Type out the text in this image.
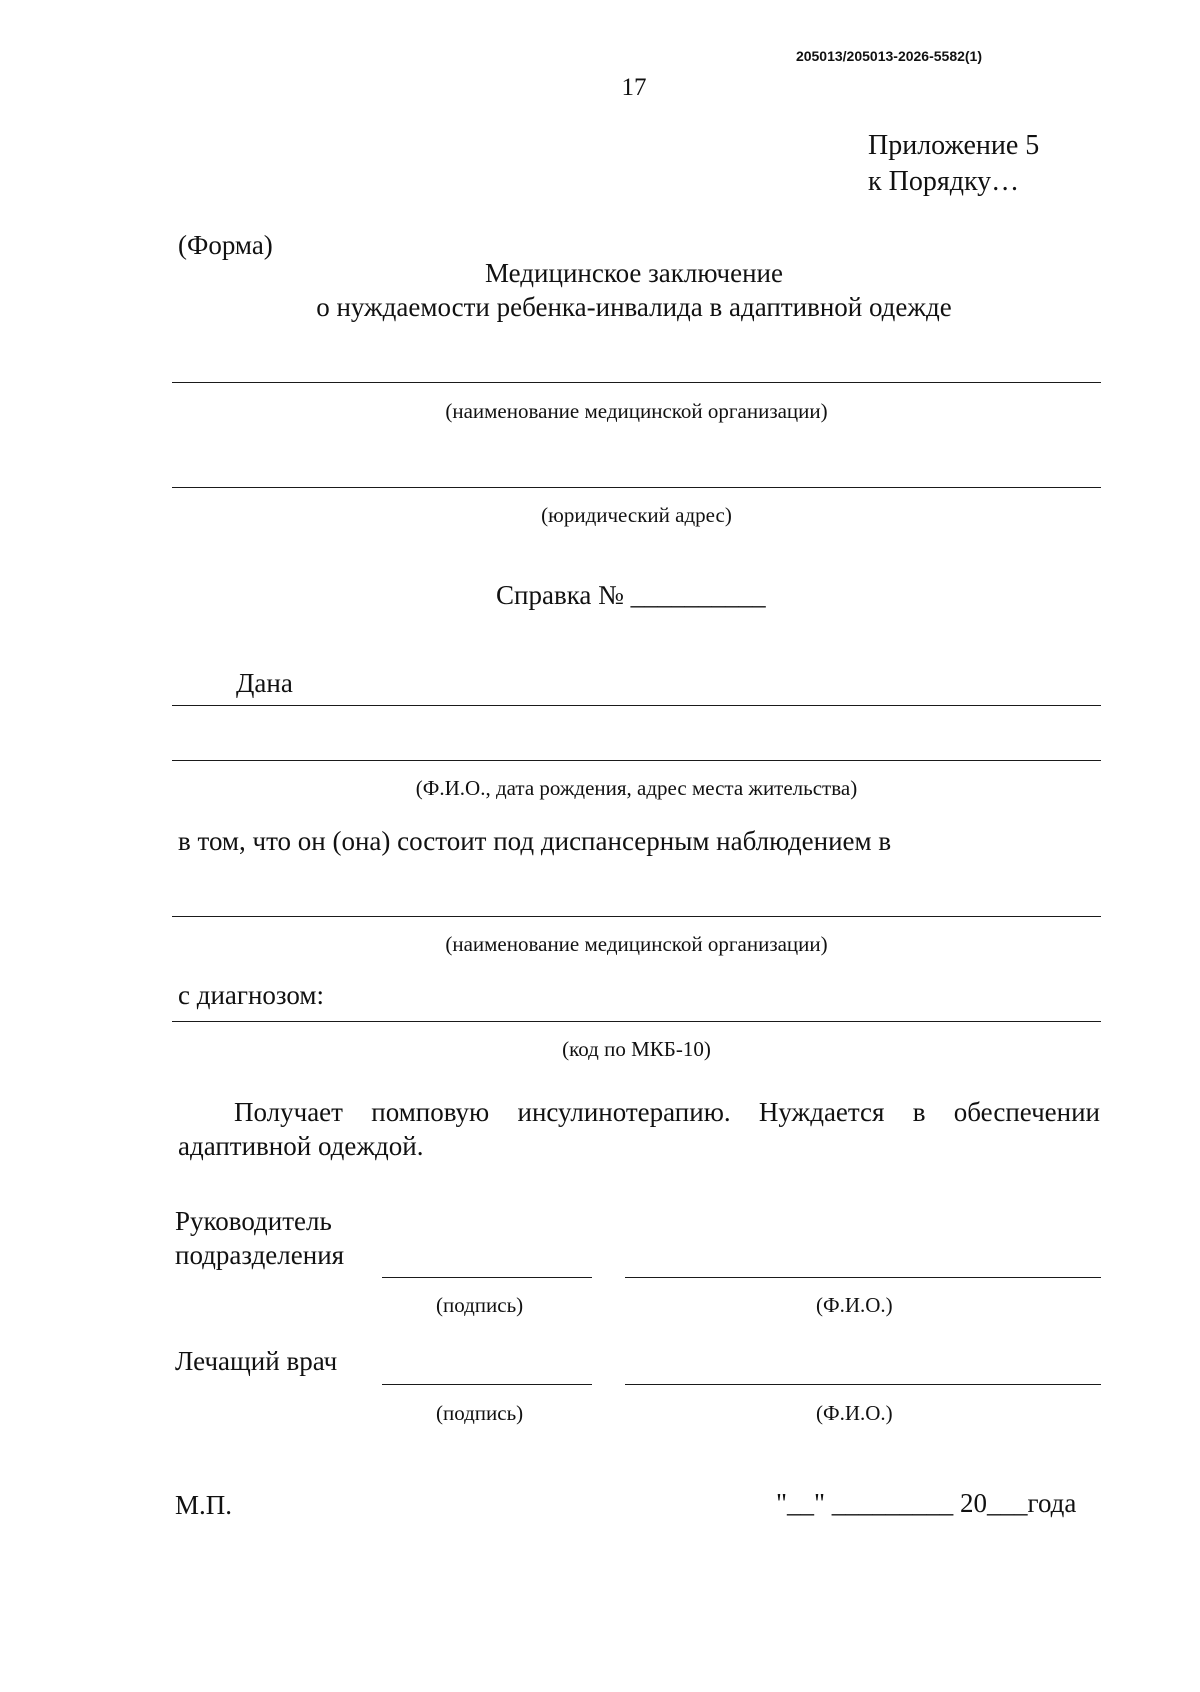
205013/205013-2026-5582(1)
17
Приложение 5
к Порядку…
(Форма)
Медицинское заключение
о нуждаемости ребенка-инвалида в адаптивной одежде
(наименование медицинской организации)
(юридический адрес)
Справка № __________
Дана
(Ф.И.О., дата рождения, адрес места жительства)
в том, что он (она) состоит под диспансерным наблюдением в
(наименование медицинской организации)
с диагнозом:
(код по МКБ-10)
Получает помповую инсулинотерапию. Нуждается в обеспечении адаптивной одеждой.
Руководитель
подразделения
(подпись)	(Ф.И.О.)
Лечащий врач
(подпись)	(Ф.И.О.)
М.П.	"__" _________ 20___года
